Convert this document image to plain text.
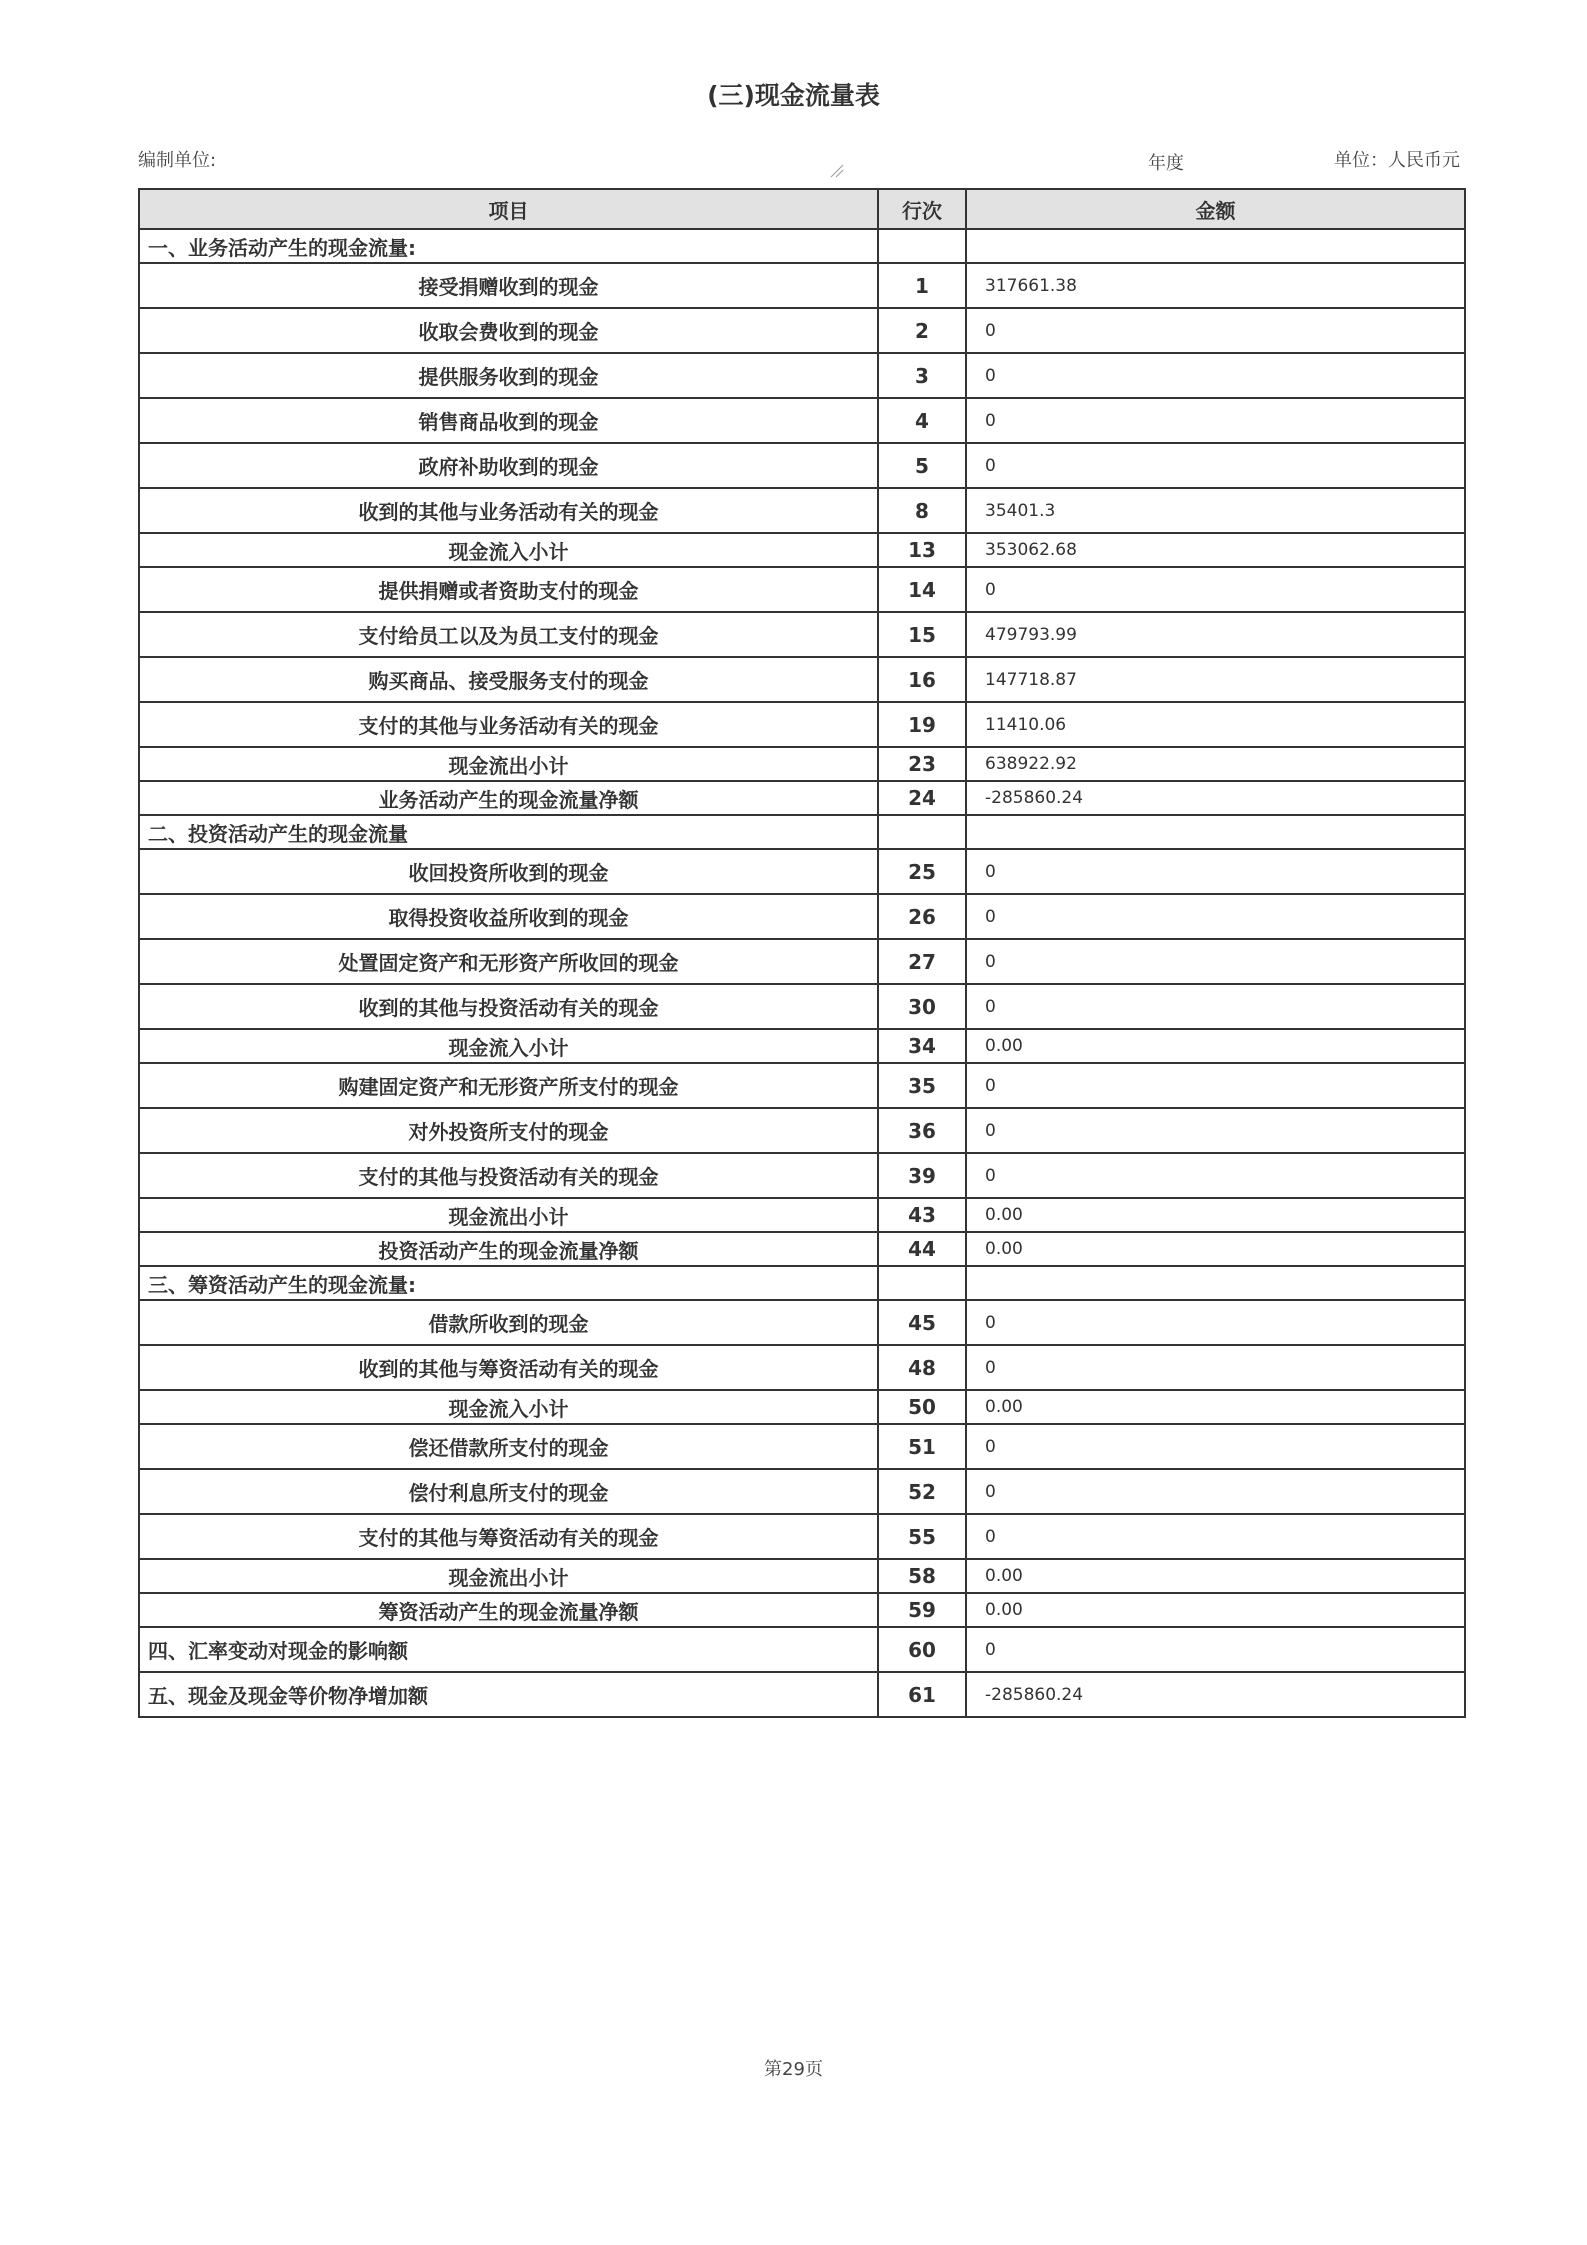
(三)现金流量表
编制单位:	年度	单位：人民币元
项目	行次	金额
一、业务活动产生的现金流量:		
接受捐赠收到的现金	1	317661.38
收取会费收到的现金	2	0
提供服务收到的现金	3	0
销售商品收到的现金	4	0
政府补助收到的现金	5	0
收到的其他与业务活动有关的现金	8	35401.3
现金流入小计	13	353062.68
提供捐赠或者资助支付的现金	14	0
支付给员工以及为员工支付的现金	15	479793.99
购买商品、接受服务支付的现金	16	147718.87
支付的其他与业务活动有关的现金	19	11410.06
现金流出小计	23	638922.92
业务活动产生的现金流量净额	24	-285860.24
二、投资活动产生的现金流量		
收回投资所收到的现金	25	0
取得投资收益所收到的现金	26	0
处置固定资产和无形资产所收回的现金	27	0
收到的其他与投资活动有关的现金	30	0
现金流入小计	34	0.00
购建固定资产和无形资产所支付的现金	35	0
对外投资所支付的现金	36	0
支付的其他与投资活动有关的现金	39	0
现金流出小计	43	0.00
投资活动产生的现金流量净额	44	0.00
三、筹资活动产生的现金流量:		
借款所收到的现金	45	0
收到的其他与筹资活动有关的现金	48	0
现金流入小计	50	0.00
偿还借款所支付的现金	51	0
偿付利息所支付的现金	52	0
支付的其他与筹资活动有关的现金	55	0
现金流出小计	58	0.00
筹资活动产生的现金流量净额	59	0.00
四、汇率变动对现金的影响额	60	0
五、现金及现金等价物净增加额	61	-285860.24
第29页
